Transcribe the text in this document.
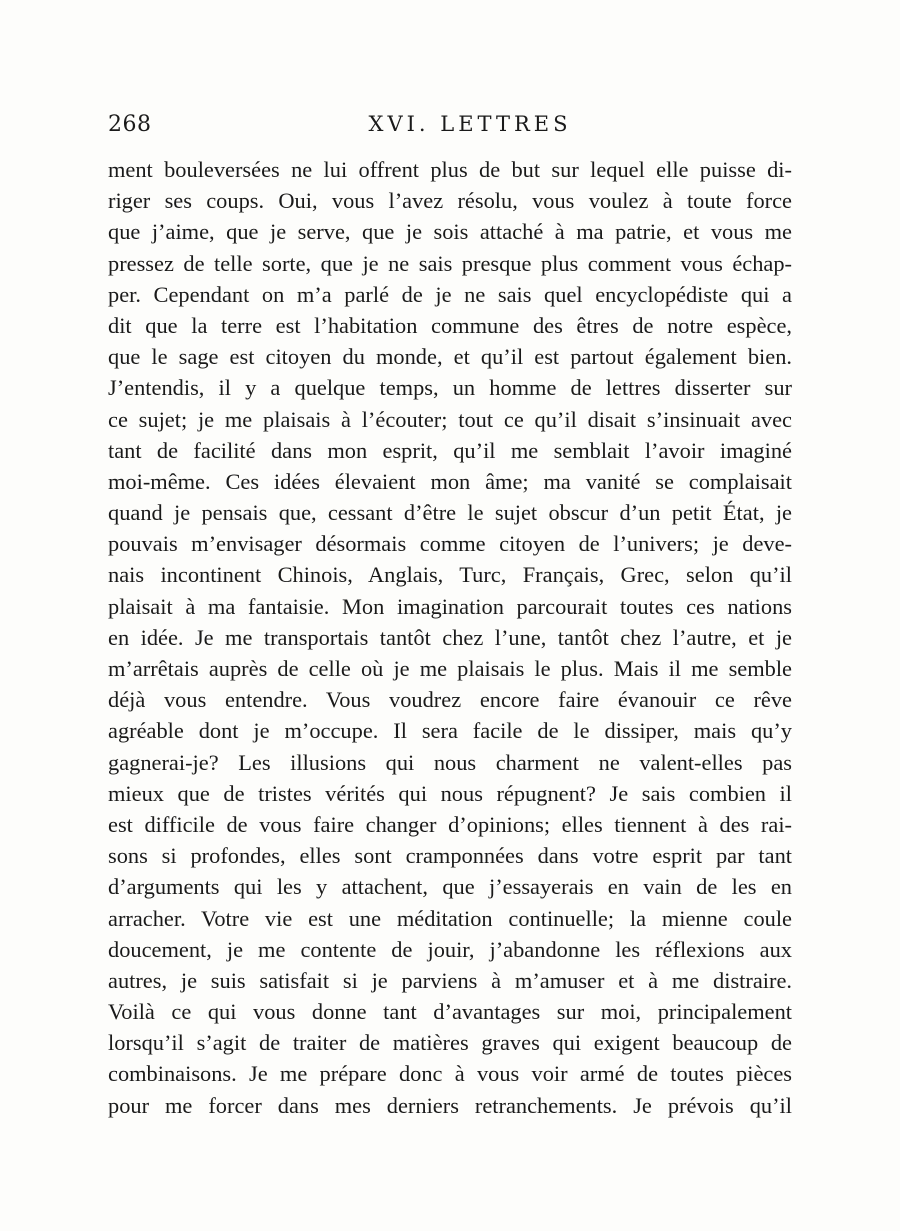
268	XVI. LETTRES
ment bouleversées ne lui offrent plus de but sur lequel elle puisse di-
riger ses coups. Oui, vous l’avez résolu, vous voulez à toute force
que j’aime, que je serve, que je sois attaché à ma patrie, et vous me
pressez de telle sorte, que je ne sais presque plus comment vous échap-
per. Cependant on m’a parlé de je ne sais quel encyclopédiste qui a
dit que la terre est l’habitation commune des êtres de notre espèce,
que le sage est citoyen du monde, et qu’il est partout également bien.
J’entendis, il y a quelque temps, un homme de lettres disserter sur
ce sujet; je me plaisais à l’écouter; tout ce qu’il disait s’insinuait avec
tant de facilité dans mon esprit, qu’il me semblait l’avoir imaginé
moi-même. Ces idées élevaient mon âme; ma vanité se complaisait
quand je pensais que, cessant d’être le sujet obscur d’un petit État, je
pouvais m’envisager désormais comme citoyen de l’univers; je deve-
nais incontinent Chinois, Anglais, Turc, Français, Grec, selon qu’il
plaisait à ma fantaisie. Mon imagination parcourait toutes ces nations
en idée. Je me transportais tantôt chez l’une, tantôt chez l’autre, et je
m’arrêtais auprès de celle où je me plaisais le plus. Mais il me semble
déjà vous entendre. Vous voudrez encore faire évanouir ce rêve
agréable dont je m’occupe. Il sera facile de le dissiper, mais qu’y
gagnerai-je? Les illusions qui nous charment ne valent-elles pas
mieux que de tristes vérités qui nous répugnent? Je sais combien il
est difficile de vous faire changer d’opinions; elles tiennent à des rai-
sons si profondes, elles sont cramponnées dans votre esprit par tant
d’arguments qui les y attachent, que j’essayerais en vain de les en
arracher. Votre vie est une méditation continuelle; la mienne coule
doucement, je me contente de jouir, j’abandonne les réflexions aux
autres, je suis satisfait si je parviens à m’amuser et à me distraire.
Voilà ce qui vous donne tant d’avantages sur moi, principalement
lorsqu’il s’agit de traiter de matières graves qui exigent beaucoup de
combinaisons. Je me prépare donc à vous voir armé de toutes pièces
pour me forcer dans mes derniers retranchements. Je prévois qu’il
